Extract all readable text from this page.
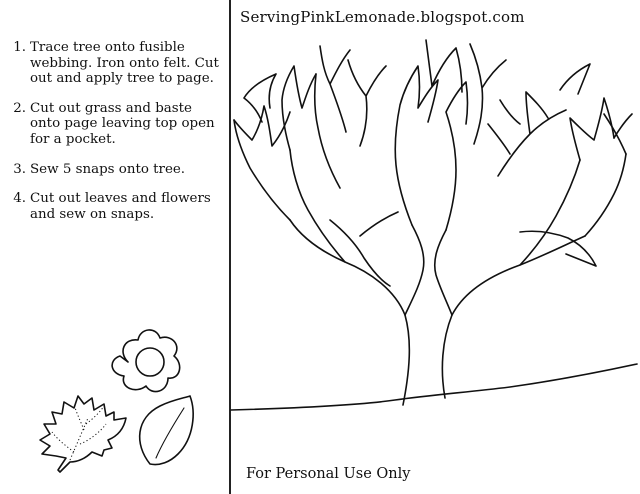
1. Trace tree onto fusible webbing. Iron onto felt. Cut out and apply tree to page.
2. Cut out grass and baste onto page leaving top open for a pocket.
3. Sew 5 snaps onto tree.
4. Cut out leaves and flowers and sew on snaps.
ServingPinkLemonade.blogspot.com
For Personal Use Only
